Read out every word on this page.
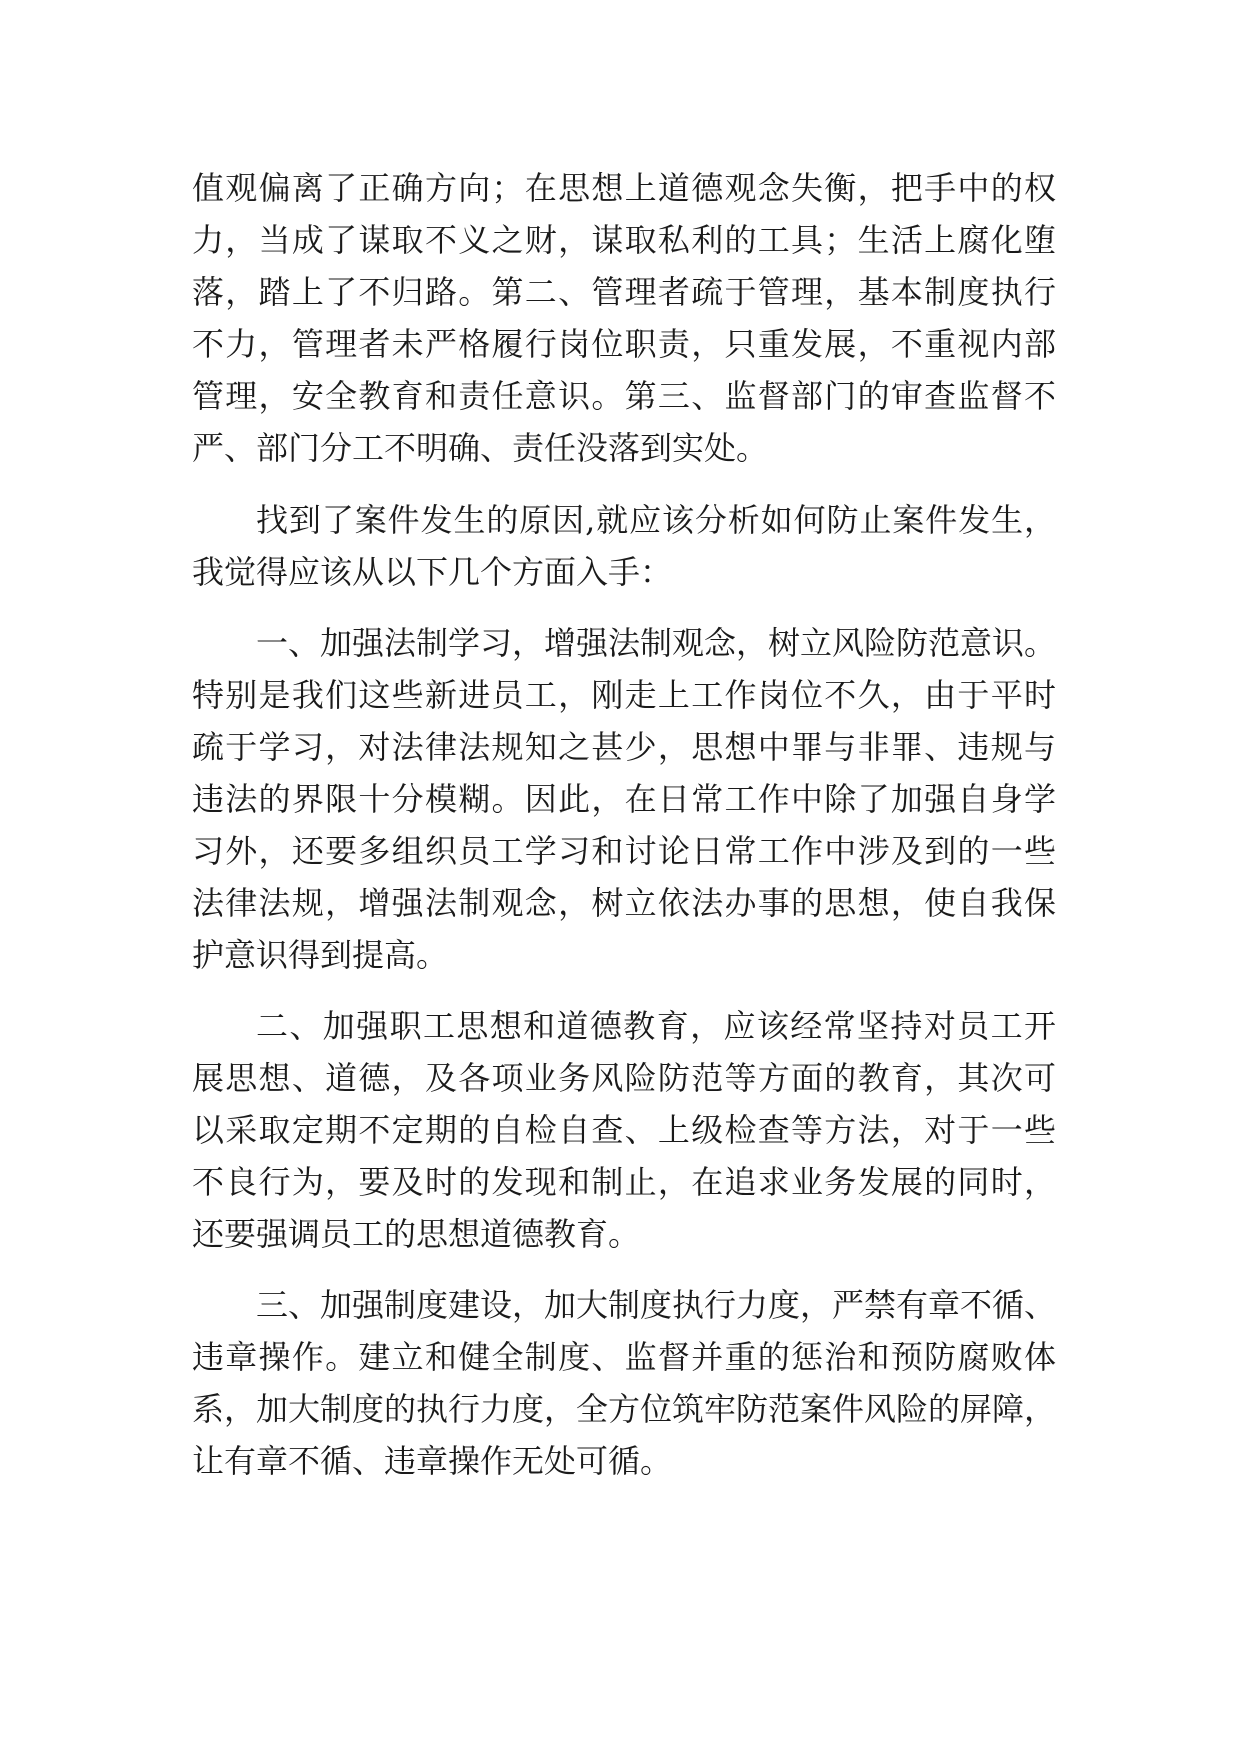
值观偏离了正确方向；在思想上道德观念失衡，把手中的权
力，当成了谋取不义之财，谋取私利的工具；生活上腐化堕
落，踏上了不归路。第二、管理者疏于管理，基本制度执行
不力，管理者未严格履行岗位职责，只重发展，不重视内部
管理，安全教育和责任意识。第三、监督部门的审查监督不
严、部门分工不明确、责任没落到实处。
找到了案件发生的原因,就应该分析如何防止案件发生，
我觉得应该从以下几个方面入手：
一、加强法制学习，增强法制观念，树立风险防范意识。
特别是我们这些新进员工，刚走上工作岗位不久，由于平时
疏于学习，对法律法规知之甚少，思想中罪与非罪、违规与
违法的界限十分模糊。因此，在日常工作中除了加强自身学
习外，还要多组织员工学习和讨论日常工作中涉及到的一些
法律法规，增强法制观念，树立依法办事的思想，使自我保
护意识得到提高。
二、加强职工思想和道德教育，应该经常坚持对员工开
展思想、道德，及各项业务风险防范等方面的教育，其次可
以采取定期不定期的自检自查、上级检查等方法，对于一些
不良行为，要及时的发现和制止，在追求业务发展的同时，
还要强调员工的思想道德教育。
三、加强制度建设，加大制度执行力度，严禁有章不循、
违章操作。建立和健全制度、监督并重的惩治和预防腐败体
系，加大制度的执行力度，全方位筑牢防范案件风险的屏障，
让有章不循、违章操作无处可循。
